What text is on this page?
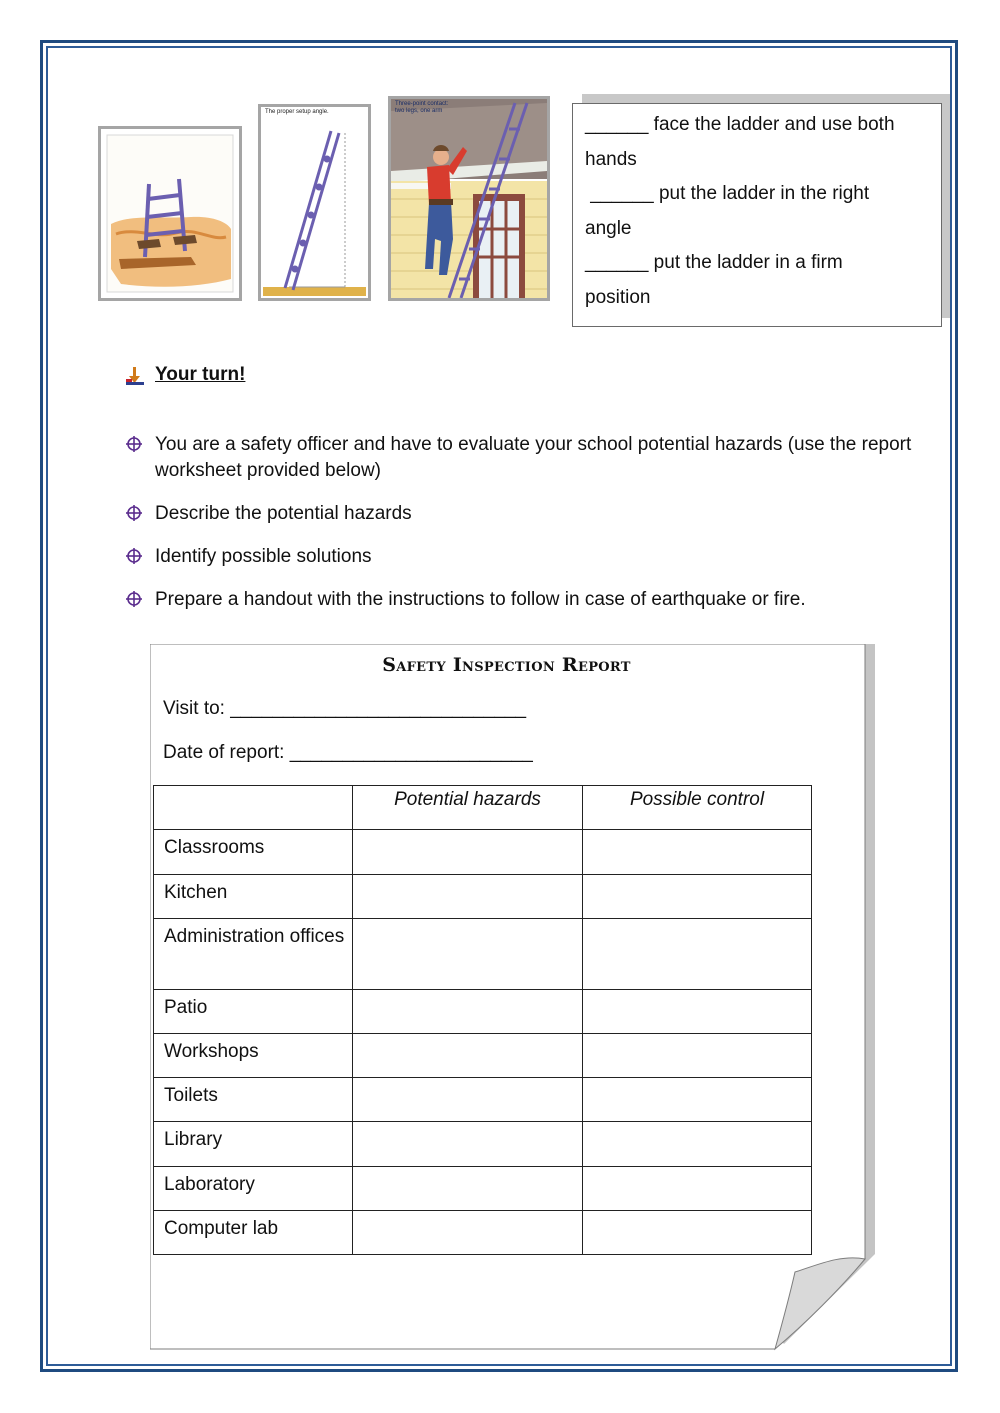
The proper setup angle.
Three-point contact:
two legs, one arm
______ face the ladder and use both
hands
______ put the ladder in the right
angle
______ put the ladder in a firm
position
Your turn!
You are a safety officer and have to evaluate your school potential hazards (use the report worksheet provided below)
Describe the potential hazards
Identify possible solutions
Prepare a handout with the instructions to follow in case of earthquake or fire.
Safety Inspection Report
Visit to: ____________________________
Date of report: _______________________
	Potential hazards	Possible control
Classrooms		
Kitchen		
Administration offices		
Patio		
Workshops		
Toilets		
Library		
Laboratory		
Computer lab		
